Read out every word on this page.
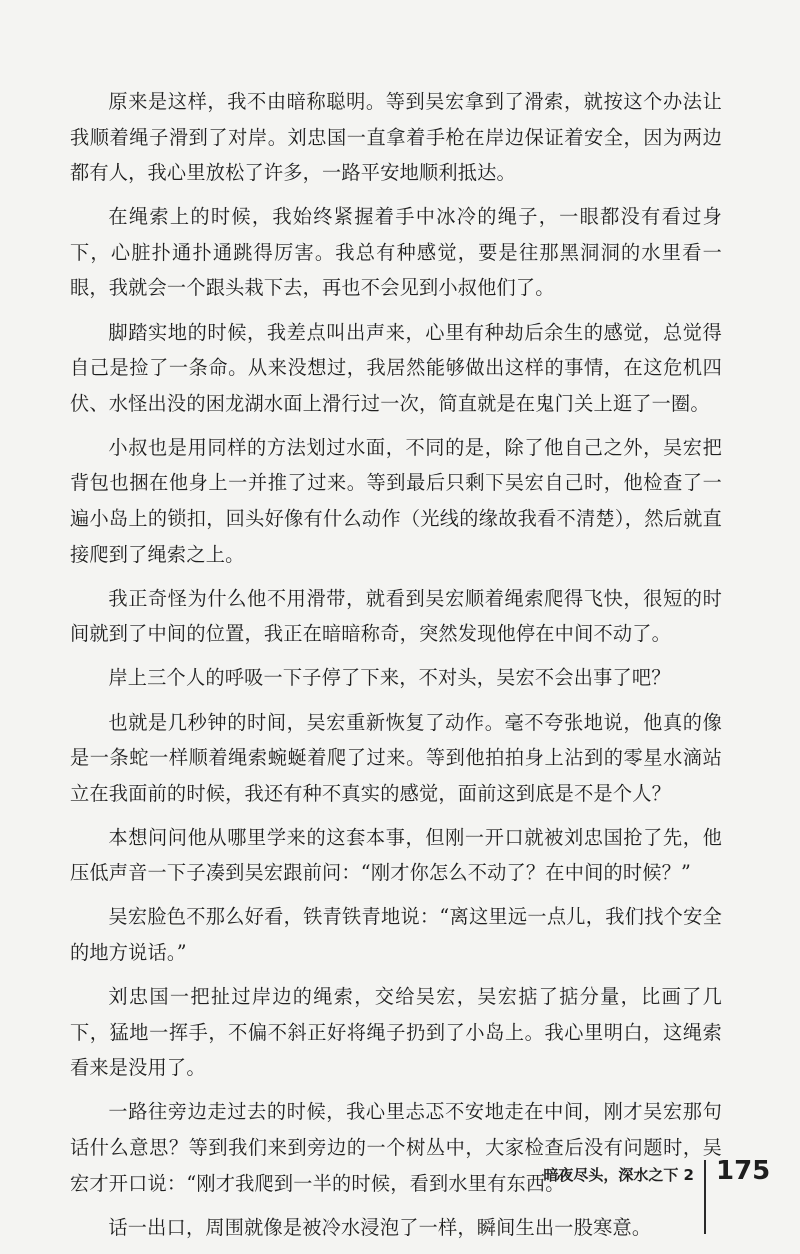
原来是这样，我不由暗称聪明。等到吴宏拿到了滑索，就按这个办法让我顺着绳子滑到了对岸。刘忠国一直拿着手枪在岸边保证着安全，因为两边都有人，我心里放松了许多，一路平安地顺利抵达。

在绳索上的时候，我始终紧握着手中冰冷的绳子，一眼都没有看过身下，心脏扑通扑通跳得厉害。我总有种感觉，要是往那黑洞洞的水里看一眼，我就会一个跟头栽下去，再也不会见到小叔他们了。

脚踏实地的时候，我差点叫出声来，心里有种劫后余生的感觉，总觉得自己是捡了一条命。从来没想过，我居然能够做出这样的事情，在这危机四伏、水怪出没的困龙湖水面上滑行过一次，简直就是在鬼门关上逛了一圈。

小叔也是用同样的方法划过水面，不同的是，除了他自己之外，吴宏把背包也捆在他身上一并推了过来。等到最后只剩下吴宏自己时，他检查了一遍小岛上的锁扣，回头好像有什么动作（光线的缘故我看不清楚），然后就直接爬到了绳索之上。

我正奇怪为什么他不用滑带，就看到吴宏顺着绳索爬得飞快，很短的时间就到了中间的位置，我正在暗暗称奇，突然发现他停在中间不动了。

岸上三个人的呼吸一下子停了下来，不对头，吴宏不会出事了吧？

也就是几秒钟的时间，吴宏重新恢复了动作。毫不夸张地说，他真的像是一条蛇一样顺着绳索蜿蜒着爬了过来。等到他拍拍身上沾到的零星水滴站立在我面前的时候，我还有种不真实的感觉，面前这到底是不是个人？

本想问问他从哪里学来的这套本事，但刚一开口就被刘忠国抢了先，他压低声音一下子凑到吴宏跟前问：“刚才你怎么不动了？在中间的时候？”

吴宏脸色不那么好看，铁青铁青地说：“离这里远一点儿，我们找个安全的地方说话。”

刘忠国一把扯过岸边的绳索，交给吴宏，吴宏掂了掂分量，比画了几下，猛地一挥手，不偏不斜正好将绳子扔到了小岛上。我心里明白，这绳索看来是没用了。

一路往旁边走过去的时候，我心里忐忑不安地走在中间，刚才吴宏那句话什么意思？等到我们来到旁边的一个树丛中，大家检查后没有问题时，吴宏才开口说：“刚才我爬到一半的时候，看到水里有东西。”

话一出口，周围就像是被冷水浸泡了一样，瞬间生出一股寒意。

暗夜尽头，深水之下 2 175
